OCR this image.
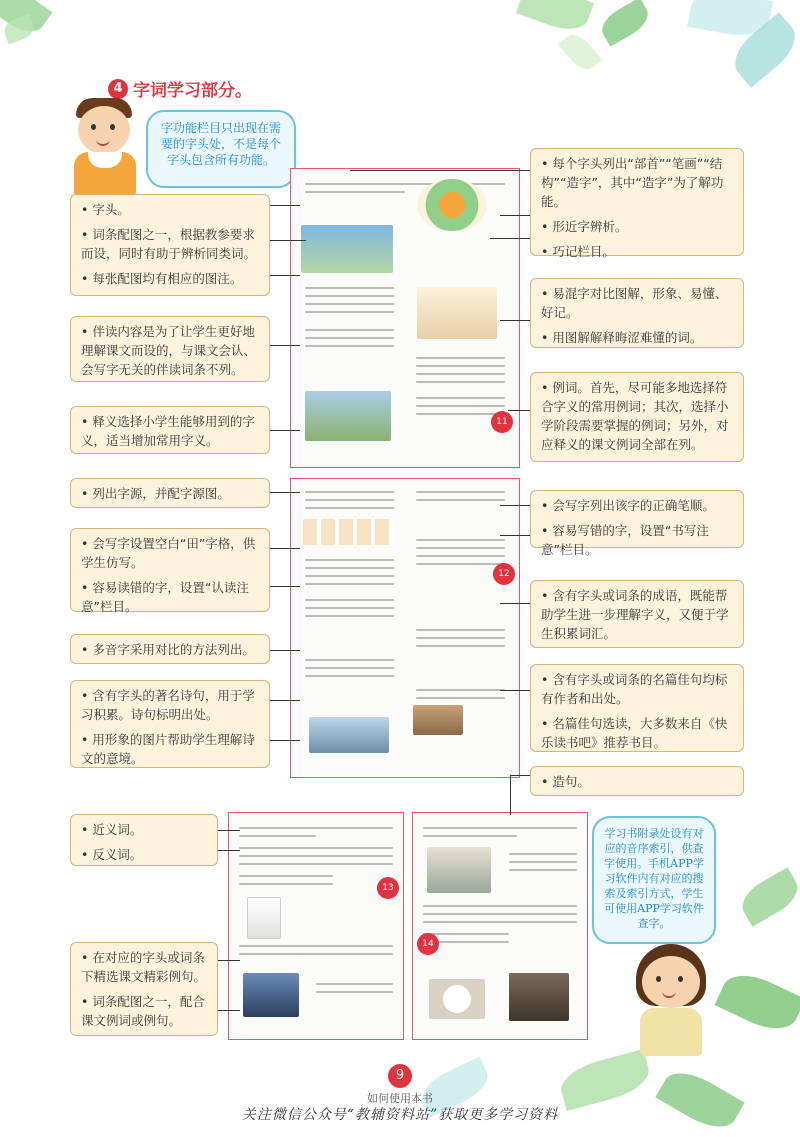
4 字词学习部分。
字功能栏目只出现在需要的字头处，不是每个字头包含所有功能。
11
12
13
14

• 字头。

• 词条配图之一，根据教参要求而设，同时有助于辨析同类词。

• 每张配图均有相应的图注。

• 伴读内容是为了让学生更好地理解课文而设的，与课文会认、会写字无关的伴读词条不列。

• 释义选择小学生能够用到的字义，适当增加常用字义。

• 列出字源，并配字源图。

• 会写字设置空白“田”字格，供学生仿写。

• 容易读错的字，设置“认读注意”栏目。

• 多音字采用对比的方法列出。

• 含有字头的著名诗句，用于学习积累。诗句标明出处。

• 用形象的图片帮助学生理解诗文的意境。

• 近义词。

• 反义词。

• 在对应的字头或词条下精选课文精彩例句。

• 词条配图之一，配合课文例词或例句。

• 每个字头列出“部首”“笔画”“结构”“造字”，其中“造字”为了解功能。

• 形近字辨析。

• 巧记栏目。

• 易混字对比图解，形象、易懂、好记。

• 用图解解释晦涩难懂的词。

• 例词。首先，尽可能多地选择符合字义的常用例词；其次，选择小学阶段需要掌握的例词；另外，对应释义的课文例词全部在列。

• 会写字列出该字的正确笔顺。

• 容易写错的字，设置“书写注意”栏目。

• 含有字头或词条的成语，既能帮助学生进一步理解字义，又便于学生积累词汇。

• 含有字头或词条的名篇佳句均标有作者和出处。

• 名篇佳句选读，大多数来自《快乐读书吧》推荐书目。

• 造句。

学习书附录处设有对应的音序索引，供查字使用。手机APP学习软件内有对应的搜索及索引方式，学生可使用APP学习软件查字。
9
如何使用本书
关注微信公众号“教辅资料站”获取更多学习资料
